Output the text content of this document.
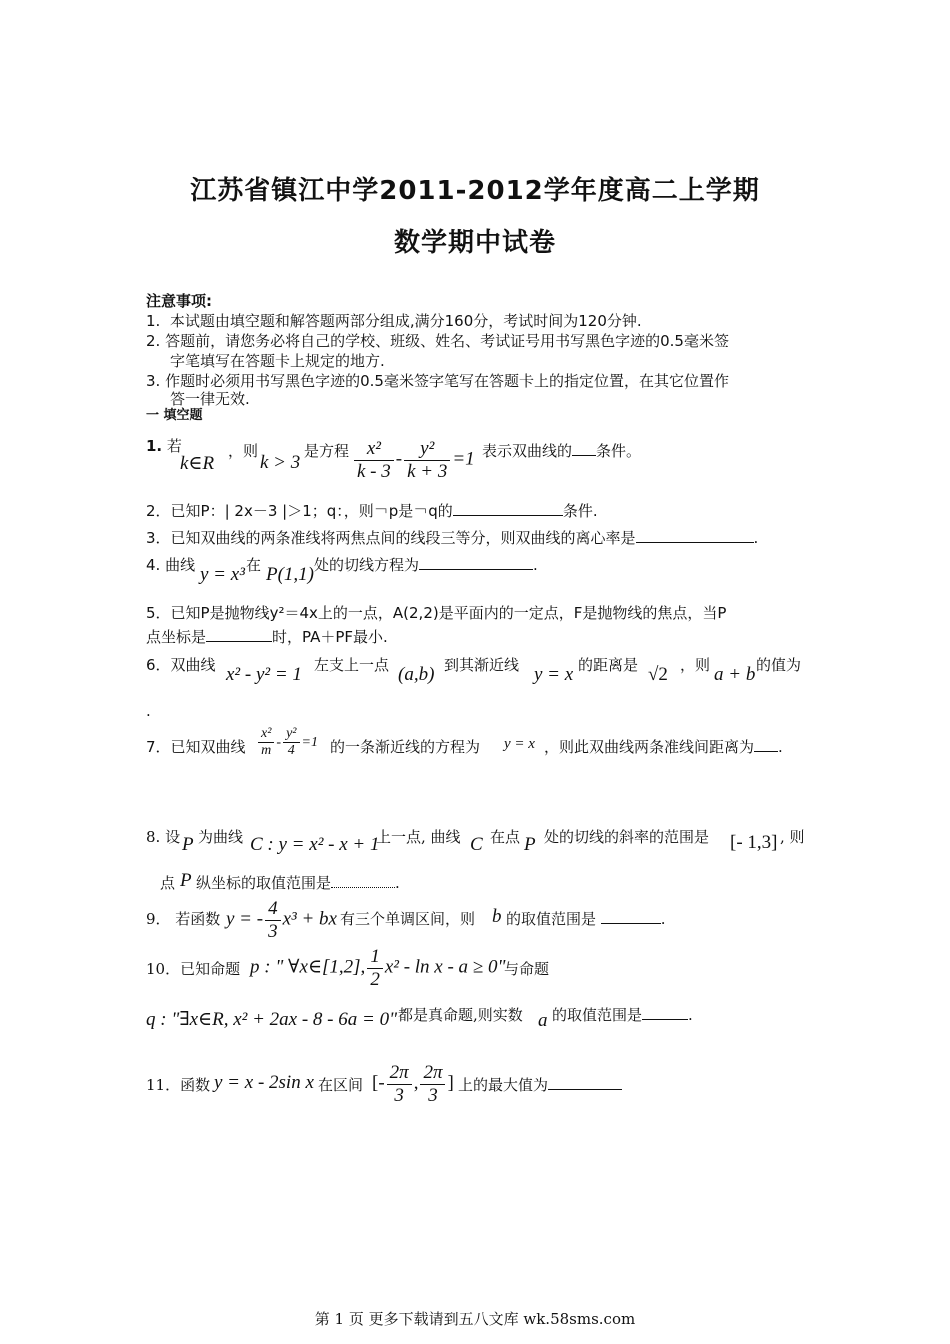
江苏省镇江中学2011-2012学年度高二上学期
数学期中试卷
注意事项:
1. 本试题由填空题和解答题两部分组成,满分160分，考试时间为120分钟.
2. 答题前，请您务必将自己的学校、班级、姓名、考试证号用书写黑色字迹的0.5毫米签
字笔填写在答题卡上规定的地方.
3. 作题时必须用书写黑色字迹的0.5毫米签字笔写在答题卡上的指定位置，在其它位置作
答一律无效.
一 填空题
1. 若
k∈R
，则
k > 3
是方程 $\frac{\text{x²}}{k - 3} - \frac{\text{y²}}{k + 3} =1$ 表示双曲线的 条件。
2．已知P：| 2x－3 |＞1；q：，则￢p是￢q的	条件.
3．已知双曲线的两条准线将两焦点间的线段三等分，则双曲线的离心率是	.
4. 曲线 y = x³ 在 P(1,1) 处的切线方程为	.
5．已知P是抛物线y²＝4x上的一点，A(2,2)是平面内的一定点，F是抛物线的焦点，当P
点坐标是	时，PA＋PF最小.
6．双曲线 x² - y² = 1 左支上一点 (a,b) 到其渐近线 y = x 的距离是 √2 ，则 a + b 的值为
.
7．已知双曲线 $\frac{\text{x²}}{m} - \frac{\text{y²}}{4} =1$ 的一条渐近线的方程为 y = x ，则此双曲线两条准线间距离为 .
8. 设 P 为曲线 C : y = x² - x + 1
上一点, 曲线 C 在点 P 处的切线的斜率的范围是 [- 1,3] , 则
点 P 纵坐标的取值范围是	.
9． 若函数 y = - $\frac{4}{3} x^3$ + bx 有三个单调区间，则 b 的取值范围是	.
10．已知命题 p : " ∀x∈[1,2], $\frac{1}{2} x^2 - \ln x - a \ge 0$"
与命题
q : "∃x∈R, x² + 2ax - 8 - 6a = 0" 都是真命题,则实数 a 的取值范围是	.
11．函数 y = x - 2sin x 在区间 [- $\frac{2\pi}{3}$ , $\frac{2\pi}{3}$ ] 上的最大值为
第 1 页 更多下载请到五八文库 wk.58sms.com
